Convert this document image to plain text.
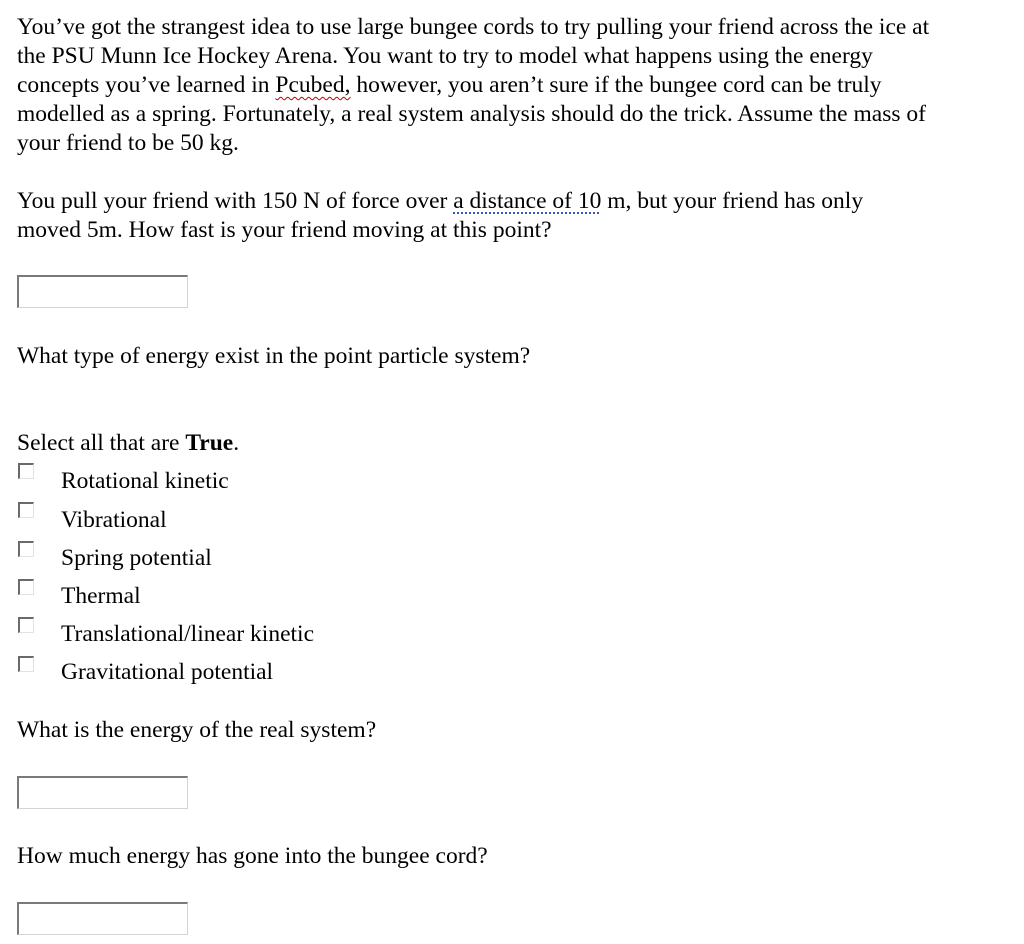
You’ve got the strangest idea to use large bungee cords to try pulling your friend across the ice at
the PSU Munn Ice Hockey Arena. You want to try to model what happens using the energy
concepts you’ve learned in Pcubed, however, you aren’t sure if the bungee cord can be truly
modelled as a spring. Fortunately, a real system analysis should do the trick. Assume the mass of
your friend to be 50 kg.
You pull your friend with 150 N of force over a distance of 10 m, but your friend has only
moved 5m. How fast is your friend moving at this point?
What type of energy exist in the point particle system?
Select all that are True.
Rotational kinetic
Vibrational
Spring potential
Thermal
Translational/linear kinetic
Gravitational potential
What is the energy of the real system?
How much energy has gone into the bungee cord?
